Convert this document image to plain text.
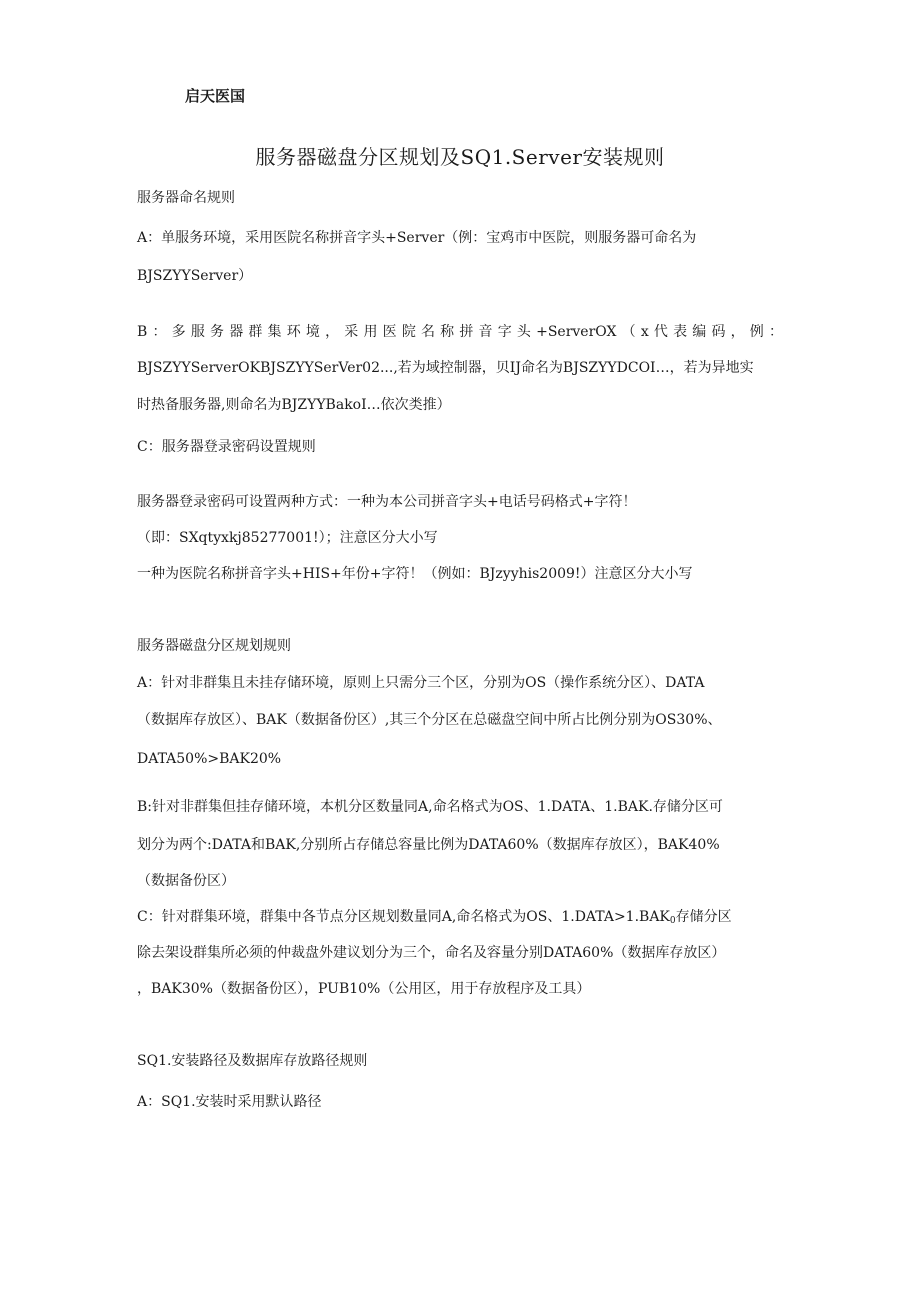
启天医国
服务器磁盘分区规划及SQ1.Server安装规则
服务器命名规则
A：单服务环境，采用医院名称拼音字头+Server（例：宝鸡市中医院，则服务器可命名为
BJSZYYServer）
B：多服务器群集环境，采用医院名称拼音字头+ServerOX（x代表编码，例：
BJSZYYServerOKBJSZYYSerVer02...,若为域控制器，贝IJ命名为BJSZYYDCOI…，若为异地实
时热备服务器,则命名为BJZYYBakoI…依次类推）
C：服务器登录密码设置规则
服务器登录密码可设置两种方式：一种为本公司拼音字头+电话号码格式+字符！
（即：SXqtyxkj85277001!）；注意区分大小写
一种为医院名称拼音字头+HIS+年份+字符！（例如：BJzyyhis2009!）注意区分大小写
服务器磁盘分区规划规则
A：针对非群集且未挂存储环境，原则上只需分三个区，分别为OS（操作系统分区）、DATA
（数据库存放区）、BAK（数据备份区）,其三个分区在总磁盘空间中所占比例分别为OS30%、
DATA50%>BAK20%
B:针对非群集但挂存储环境，本机分区数量同A,命名格式为OS、1.DATA、1.BAK.存储分区可
划分为两个:DATA和BAK,分别所占存储总容量比例为DATA60%（数据库存放区），BAK40%
（数据备份区）
C：针对群集环境，群集中各节点分区规划数量同A,命名格式为OS、$1.DATA>1.BAK_0$存储分区
除去架设群集所必须的仲裁盘外建议划分为三个，命名及容量分别DATA60%（数据库存放区）
，BAK30%（数据备份区），PUB10%（公用区，用于存放程序及工具）
SQ1.安装路径及数据库存放路径规则
A：SQ1.安装时采用默认路径
